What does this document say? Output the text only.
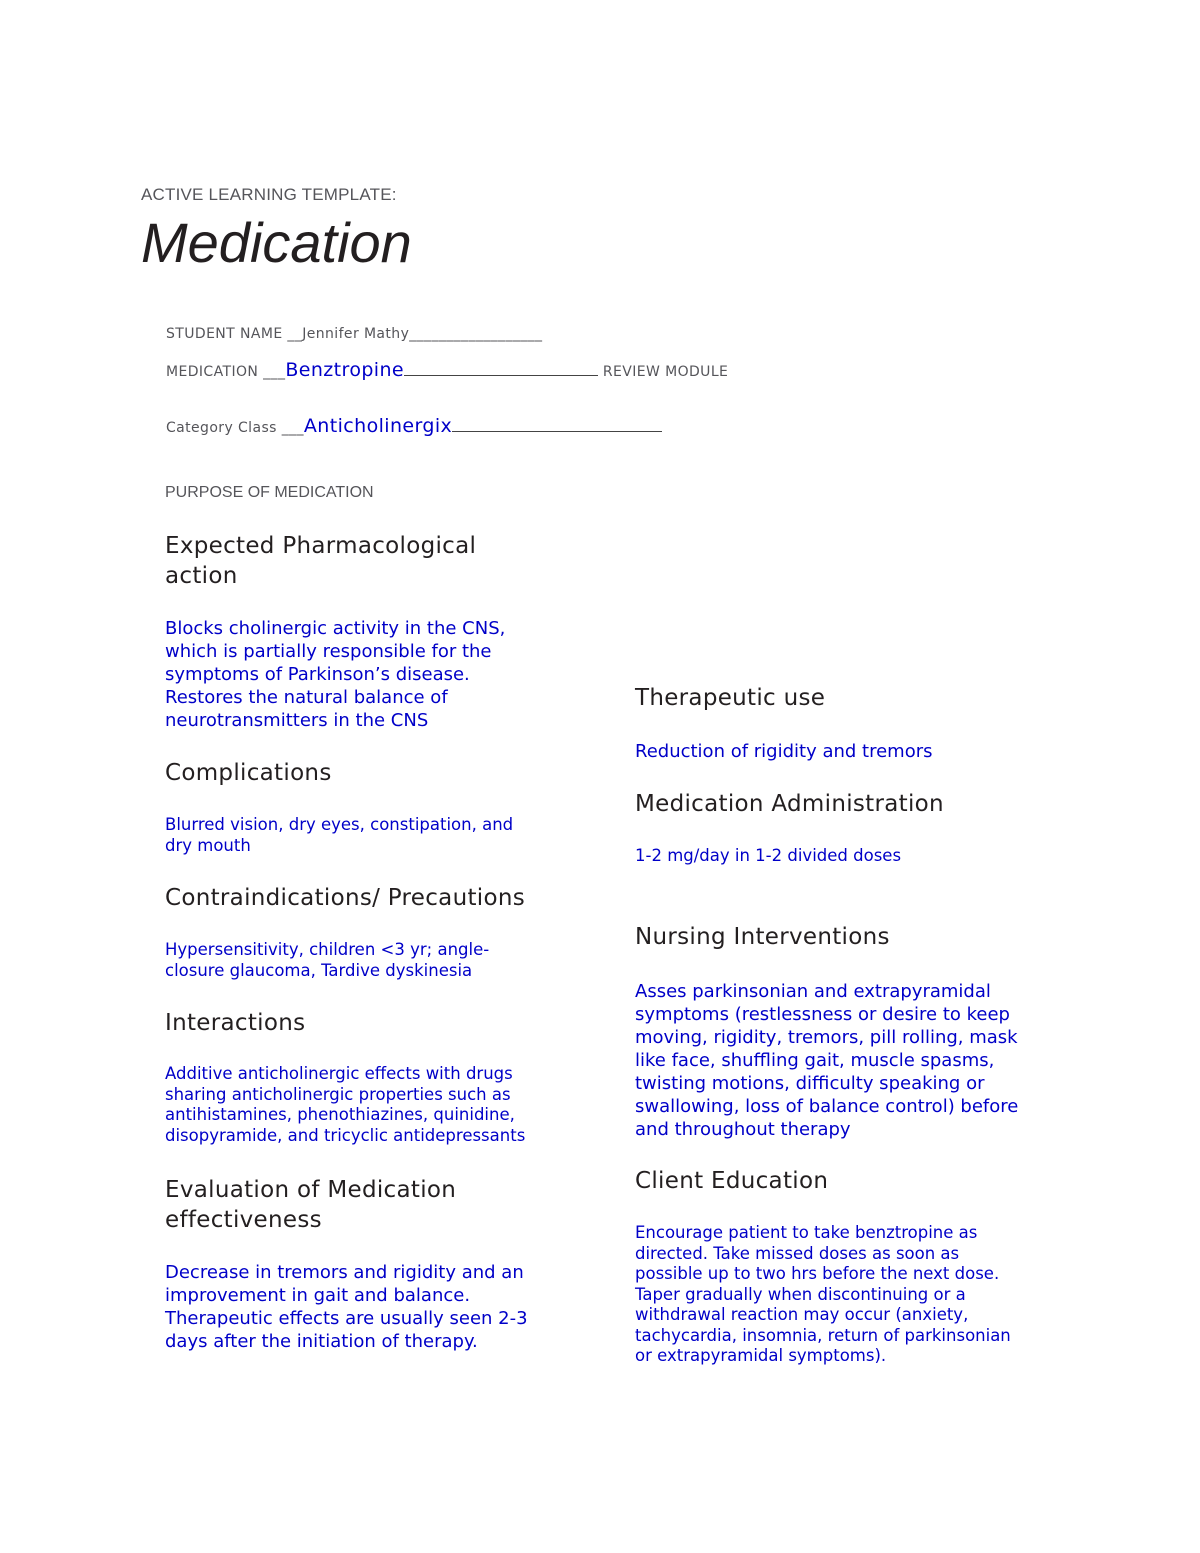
ACTIVE LEARNING TEMPLATE:
Medication
STUDENT NAME __Jennifer Mathy__________________
MEDICATION ___Benztropine	REVIEW MODULE
Category Class ___Anticholinergix
PURPOSE OF MEDICATION
Expected Pharmacological
action
Blocks cholinergic activity in the CNS,
which is partially responsible for the
symptoms of Parkinson’s disease.
Restores the natural balance of
neurotransmitters in the CNS
Complications
Blurred vision, dry eyes, constipation, and
dry mouth
Contraindications/ Precautions
Hypersensitivity, children <3 yr; angle-
closure glaucoma, Tardive dyskinesia
Interactions
Additive anticholinergic effects with drugs
sharing anticholinergic properties such as
antihistamines, phenothiazines, quinidine,
disopyramide, and tricyclic antidepressants
Evaluation of Medication
effectiveness
Decrease in tremors and rigidity and an
improvement in gait and balance.
Therapeutic effects are usually seen 2-3
days after the initiation of therapy.
Therapeutic use
Reduction of rigidity and tremors
Medication Administration
1-2 mg/day in 1-2 divided doses
Nursing Interventions
Asses parkinsonian and extrapyramidal
symptoms (restlessness or desire to keep
moving, rigidity, tremors, pill rolling, mask
like face, shuffling gait, muscle spasms,
twisting motions, difficulty speaking or
swallowing, loss of balance control) before
and throughout therapy
Client Education
Encourage patient to take benztropine as
directed. Take missed doses as soon as
possible up to two hrs before the next dose.
Taper gradually when discontinuing or a
withdrawal reaction may occur (anxiety,
tachycardia, insomnia, return of parkinsonian
or extrapyramidal symptoms).
